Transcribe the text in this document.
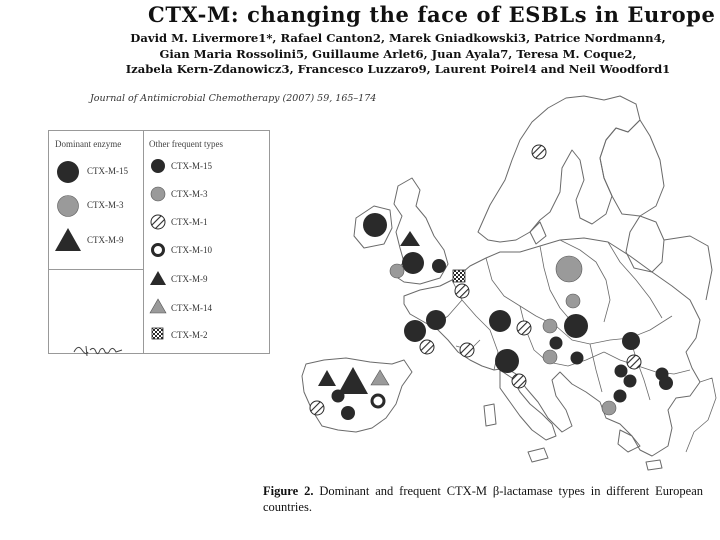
CTX-M: changing the face of ESBLs in Europe
David M. Livermore1*, Rafael Canton2, Marek Gniadkowski3, Patrice Nordmann4,
Gian Maria Rossolini5, Guillaume Arlet6, Juan Ayala7, Teresa M. Coque2,
Izabela Kern-Zdanowicz3, Francesco Luzzaro9, Laurent Poirel4 and Neil Woodford1
Journal of Antimicrobial Chemotherapy (2007) 59, 165–174
Dominant enzyme	Other frequent types
CTX-M-15
CTX-M-3
CTX-M-9
CTX-M-15
CTX-M-3
CTX-M-1
CTX-M-10
CTX-M-9
CTX-M-14
CTX-M-2
Figure 2. Dominant and frequent CTX-M β-lactamase types in different European countries.
